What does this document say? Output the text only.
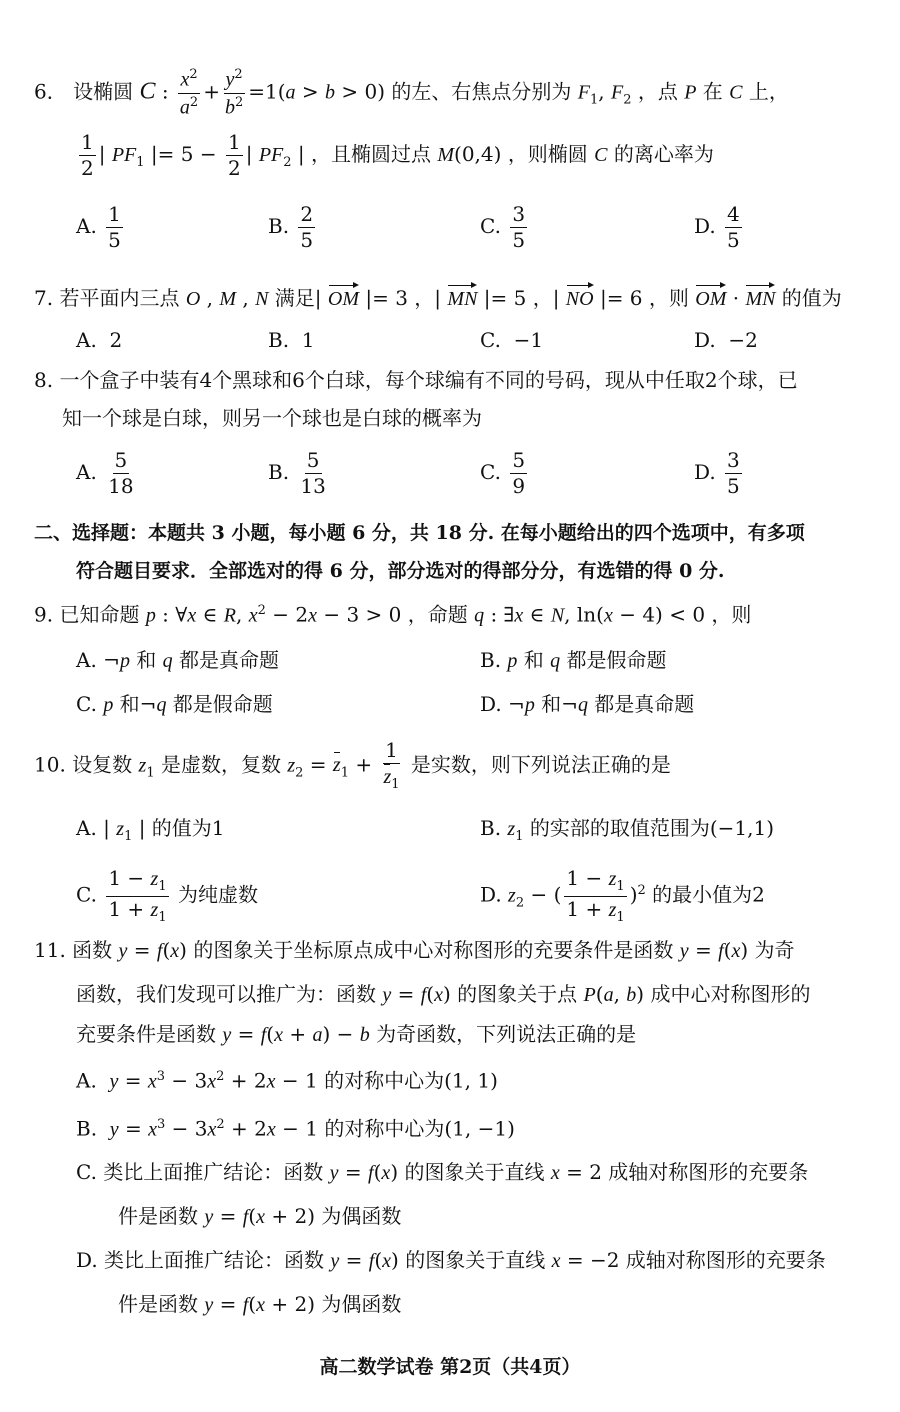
6． 设椭圆 C : $\frac{x^2}{a^2} + \frac{y^2}{b^2} =1(a > b > 0)$ 的左、右焦点分别为 $F_1$, $F_2$ ，点 P 在 C 上，
$\frac{1}{2}$ | $PF_1$ |= $5 - \frac{1}{2}$ | $PF_2$ | ，且椭圆过点 M(0,4) ，则椭圆 C 的离心率为
A. $\frac{1}{5}$	B. $\frac{2}{5}$	C. $\frac{3}{5}$	D. $\frac{4}{5}$
7. 若平面内三点 O , M , N 满足| OM |= 3 ，| MN |= 5 ，| NO |= 6 ，则 OM · MN 的值为
A. 2	B. 1	C. −1	D. −2
8. 一个盒子中装有4个黑球和6个白球，每个球编有不同的号码，现从中任取2个球，已
知一个球是白球，则另一个球也是白球的概率为
A. $\frac{5}{18}$	B. $\frac{5}{13}$	C. $\frac{5}{9}$	D. $\frac{3}{5}$
二、选择题：本题共 3 小题，每小题 6 分，共 18 分. 在每小题给出的四个选项中，有多项
符合题目要求．全部选对的得 6 分，部分选对的得部分分，有选错的得 0 分.
9. 已知命题 p : ∀x ∈ R, $x^2 - 2x - 3 > 0$ ，命题 q : ∃x ∈ N, ln(x − 4) < 0 ，则
A. ¬p 和 q 都是真命题	B. p 和 q 都是假命题
C. p 和¬q 都是假命题	D. ¬p 和¬q 都是真命题
10. 设复数 $z_1$ 是虚数，复数 $z_2 = z_1 + \frac{1}{z_1}$ 是实数，则下列说法正确的是
A. | $z_1$ | 的值为1	B. $z_1$ 的实部的取值范围为(−1,1)
C. $\frac{1 - z_1}{1 + z_1}$ 为纯虚数	D. $z_2$ − ( $\frac{1 - z_1}{1 + z_1} )^2$ 的最小值为2
11. 函数 y = f(x) 的图象关于坐标原点成中心对称图形的充要条件是函数 y = f(x) 为奇
函数，我们发现可以推广为：函数 y = f(x) 的图象关于点 P(a, b) 成中心对称图形的
充要条件是函数 y = f(x + a) − b 为奇函数，下列说法正确的是
A. $y = x^3 - 3x^2 + 2x - 1$ 的对称中心为(1, 1)
B. $y = x^3 - 3x^2 + 2x - 1$ 的对称中心为(1, −1)
C. 类比上面推广结论：函数 y = f(x) 的图象关于直线 x = 2 成轴对称图形的充要条
件是函数 y = f(x + 2) 为偶函数
D. 类比上面推广结论：函数 y = f(x) 的图象关于直线 x = −2 成轴对称图形的充要条
件是函数 y = f(x + 2) 为偶函数
高二数学试卷 第2页（共4页）
